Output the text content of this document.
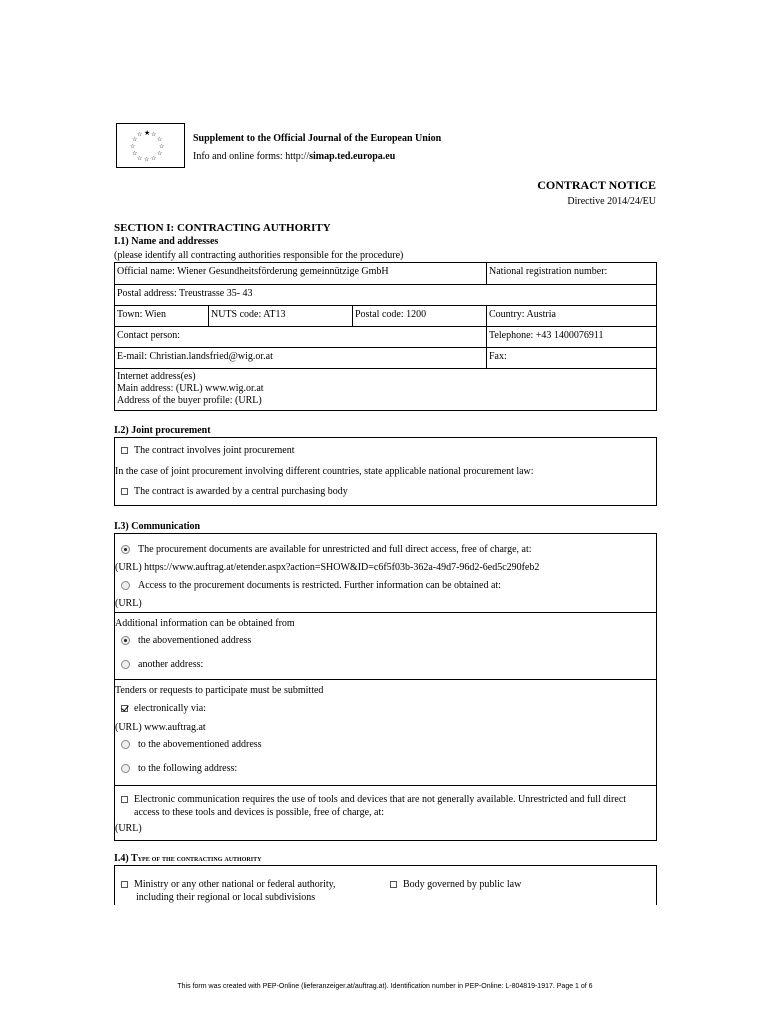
★ ☆
☆
☆
☆
☆
☆
☆
☆
☆
☆ ☆
Supplement to the Official Journal of the European Union
Info and online forms: http://simap.ted.europa.eu
CONTRACT NOTICE
Directive 2014/24/EU
SECTION I: CONTRACTING AUTHORITY
I.1) Name and addresses
(please identify all contracting authorities responsible for the procedure)
Official name: Wiener Gesundheitsförderung gemeinnützige GmbH	National registration number:
Postal address: Treustrasse 35- 43
Town: Wien	NUTS code: AT13	Postal code: 1200	Country: Austria
Contact person:	Telephone: +43 1400076911
E-mail: Christian.landsfried@wig.or.at	Fax:
Internet address(es)
Main address: (URL) www.wig.or.at
Address of the buyer profile: (URL)
I.2) Joint procurement
The contract involves joint procurement
In the case of joint procurement involving different countries, state applicable national procurement law:
The contract is awarded by a central purchasing body
I.3) Communication
The procurement documents are available for unrestricted and full direct access, free of charge, at:
(URL) https://www.auftrag.at/etender.aspx?action=SHOW&ID=c6f5f03b-362a-49d7-96d2-6ed5c290feb2
Access to the procurement documents is restricted. Further information can be obtained at:
(URL)
Additional information can be obtained from
the abovementioned address
another address:
Tenders or requests to participate must be submitted
electronically via:
(URL) www.auftrag.at
to the abovementioned address
to the following address:
Electronic communication requires the use of tools and devices that are not generally available. Unrestricted and full direct
access to these tools and devices is possible, free of charge, at:
(URL)
I.4) Type of the contracting authority
Ministry or any other national or federal authority,
including their regional or local subdivisions
Body governed by public law
This form was created with PEP-Online (lieferanzeiger.at/auftrag.at). Identification number in PEP-Online: L-804819-1917. Page 1 of 6
